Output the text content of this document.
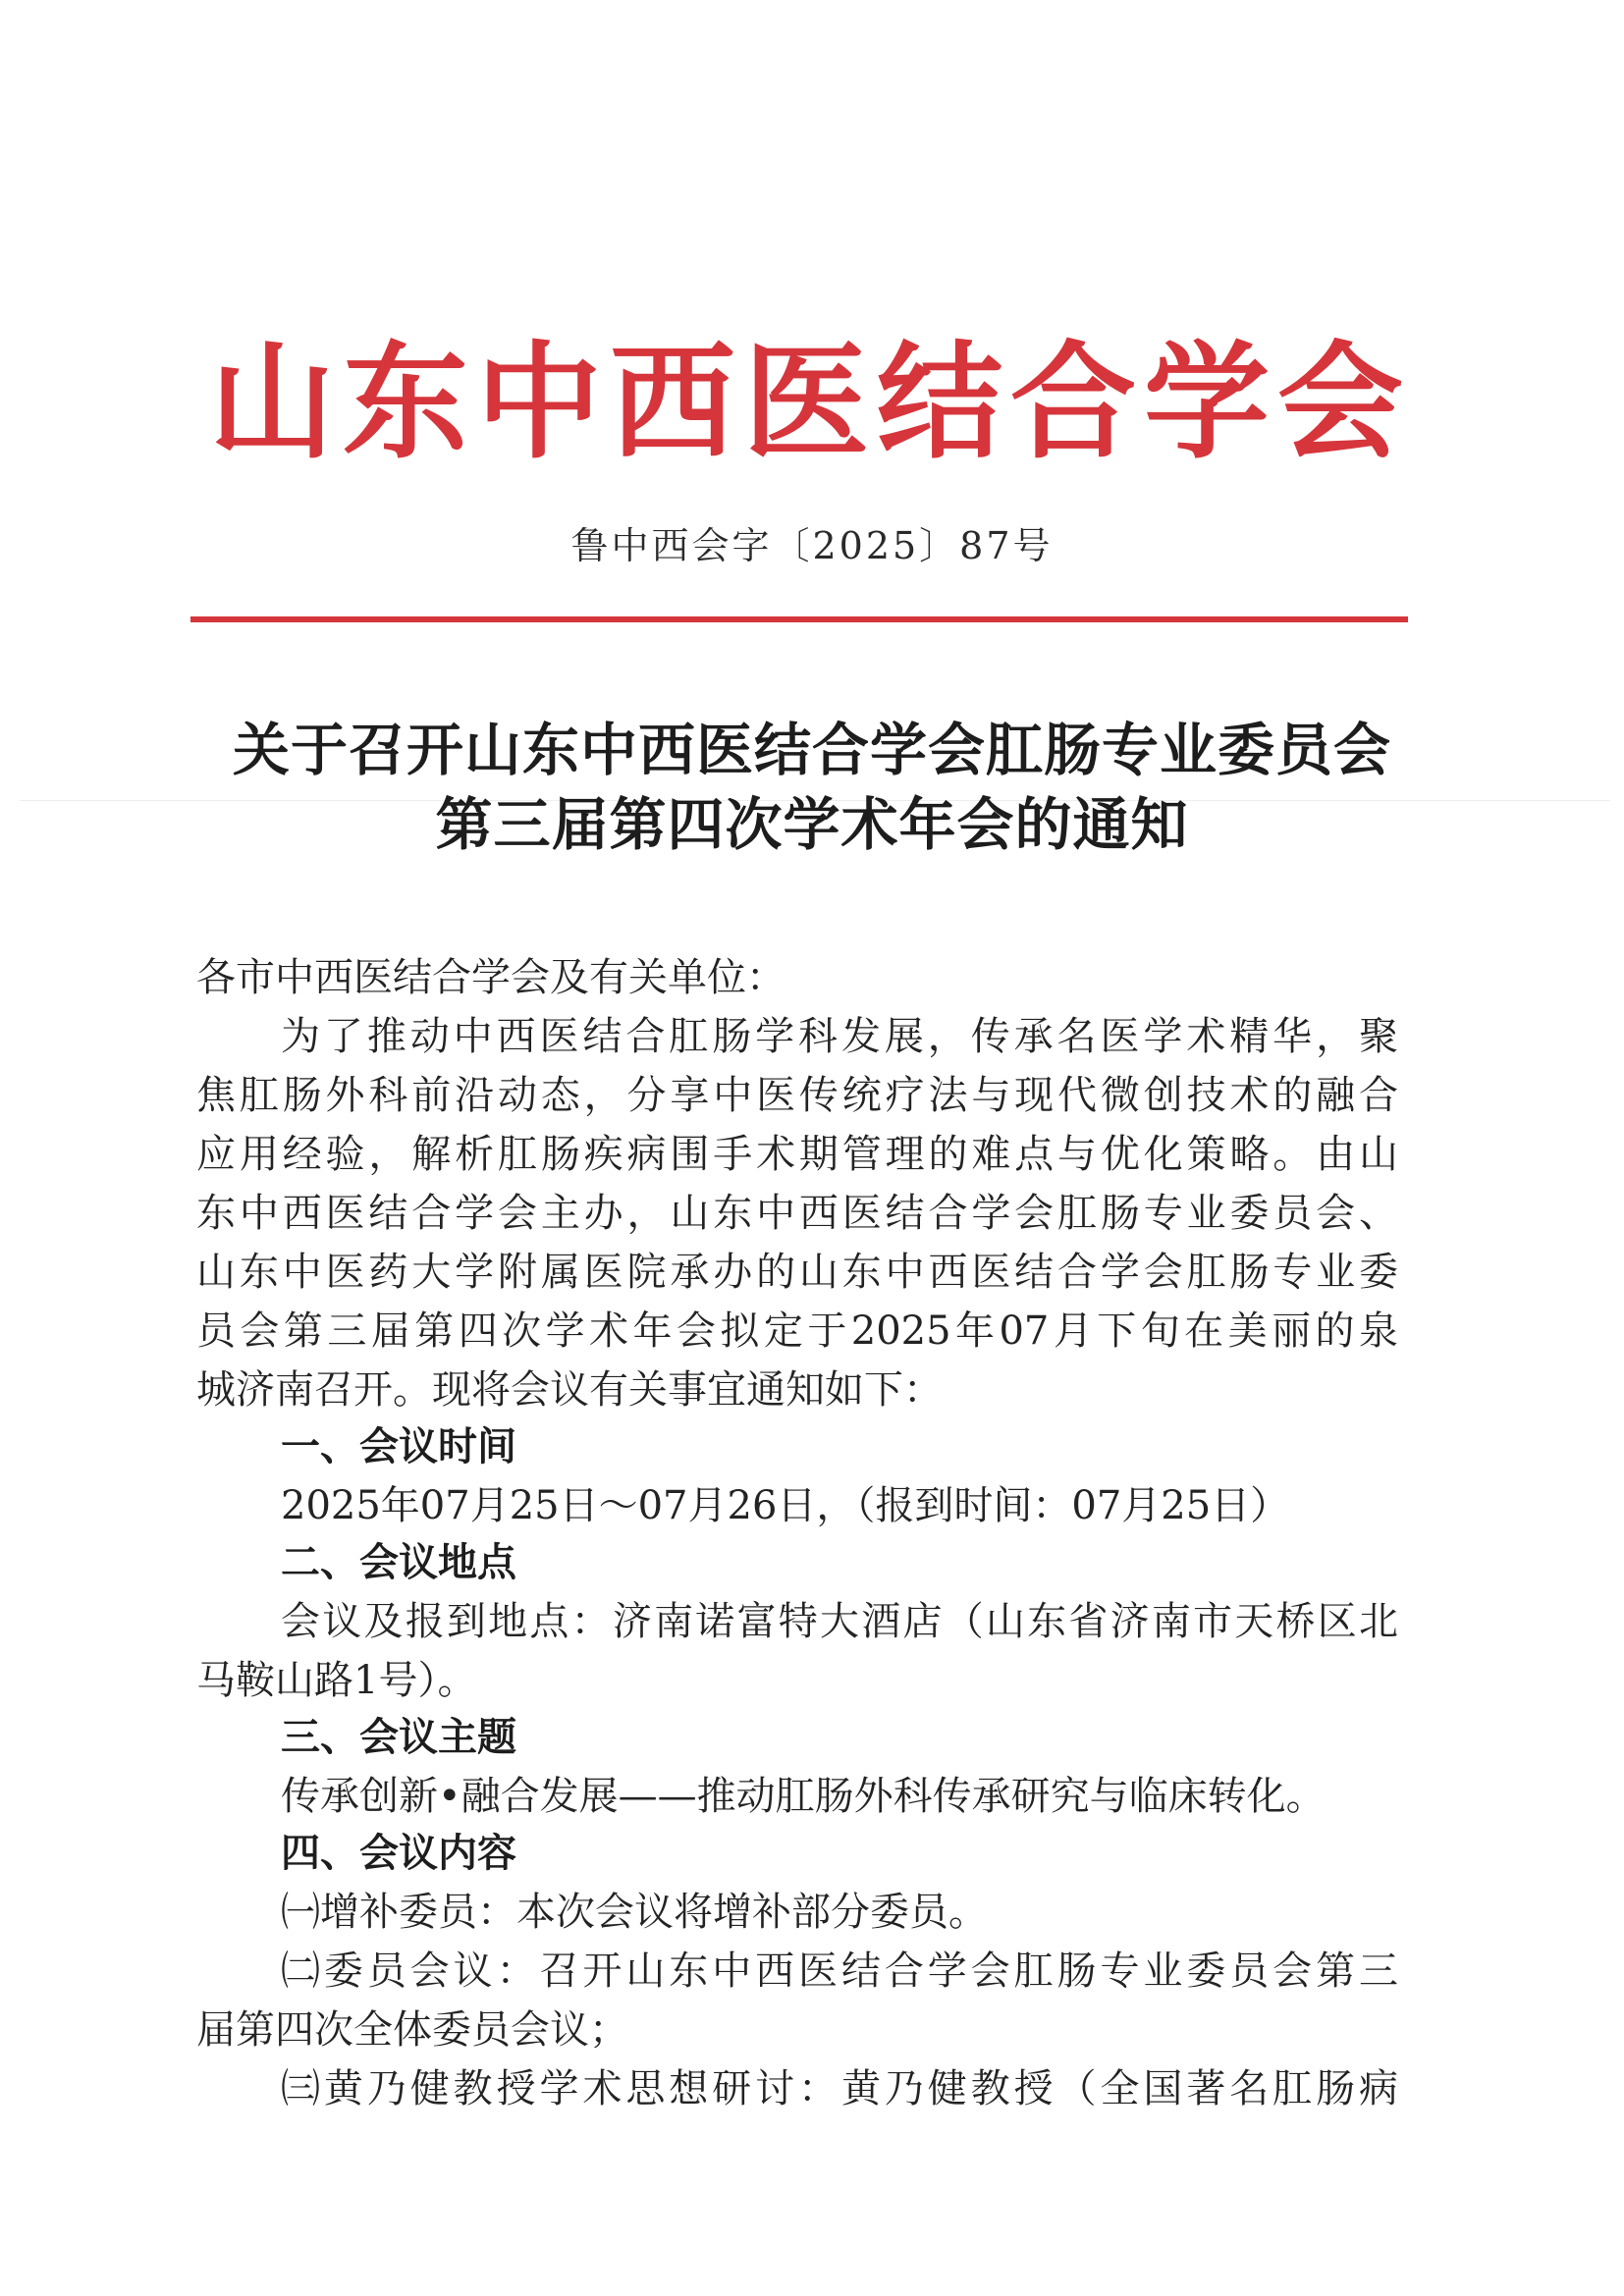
山东中西医结合学会
鲁中西会字〔2025〕87号
关于召开山东中西医结合学会肛肠专业委员会
第三届第四次学术年会的通知
各市中西医结合学会及有关单位：
为了推动中西医结合肛肠学科发展，传承名医学术精华，聚
焦肛肠外科前沿动态，分享中医传统疗法与现代微创技术的融合
应用经验，解析肛肠疾病围手术期管理的难点与优化策略。由山
东中西医结合学会主办，山东中西医结合学会肛肠专业委员会、
山东中医药大学附属医院承办的山东中西医结合学会肛肠专业委
员会第三届第四次学术年会拟定于2025年07月下旬在美丽的泉
城济南召开。现将会议有关事宜通知如下：
一、会议时间
2025年07月25日～07月26日，（报到时间：07月25日）
二、会议地点
会议及报到地点：济南诺富特大酒店（山东省济南市天桥区北
马鞍山路1号）。
三、会议主题
传承创新•融合发展——推动肛肠外科传承研究与临床转化。
四、会议内容
㈠增补委员：本次会议将增补部分委员。
㈡委员会议：召开山东中西医结合学会肛肠专业委员会第三
届第四次全体委员会议；
㈢黄乃健教授学术思想研讨：黄乃健教授（全国著名肛肠病
